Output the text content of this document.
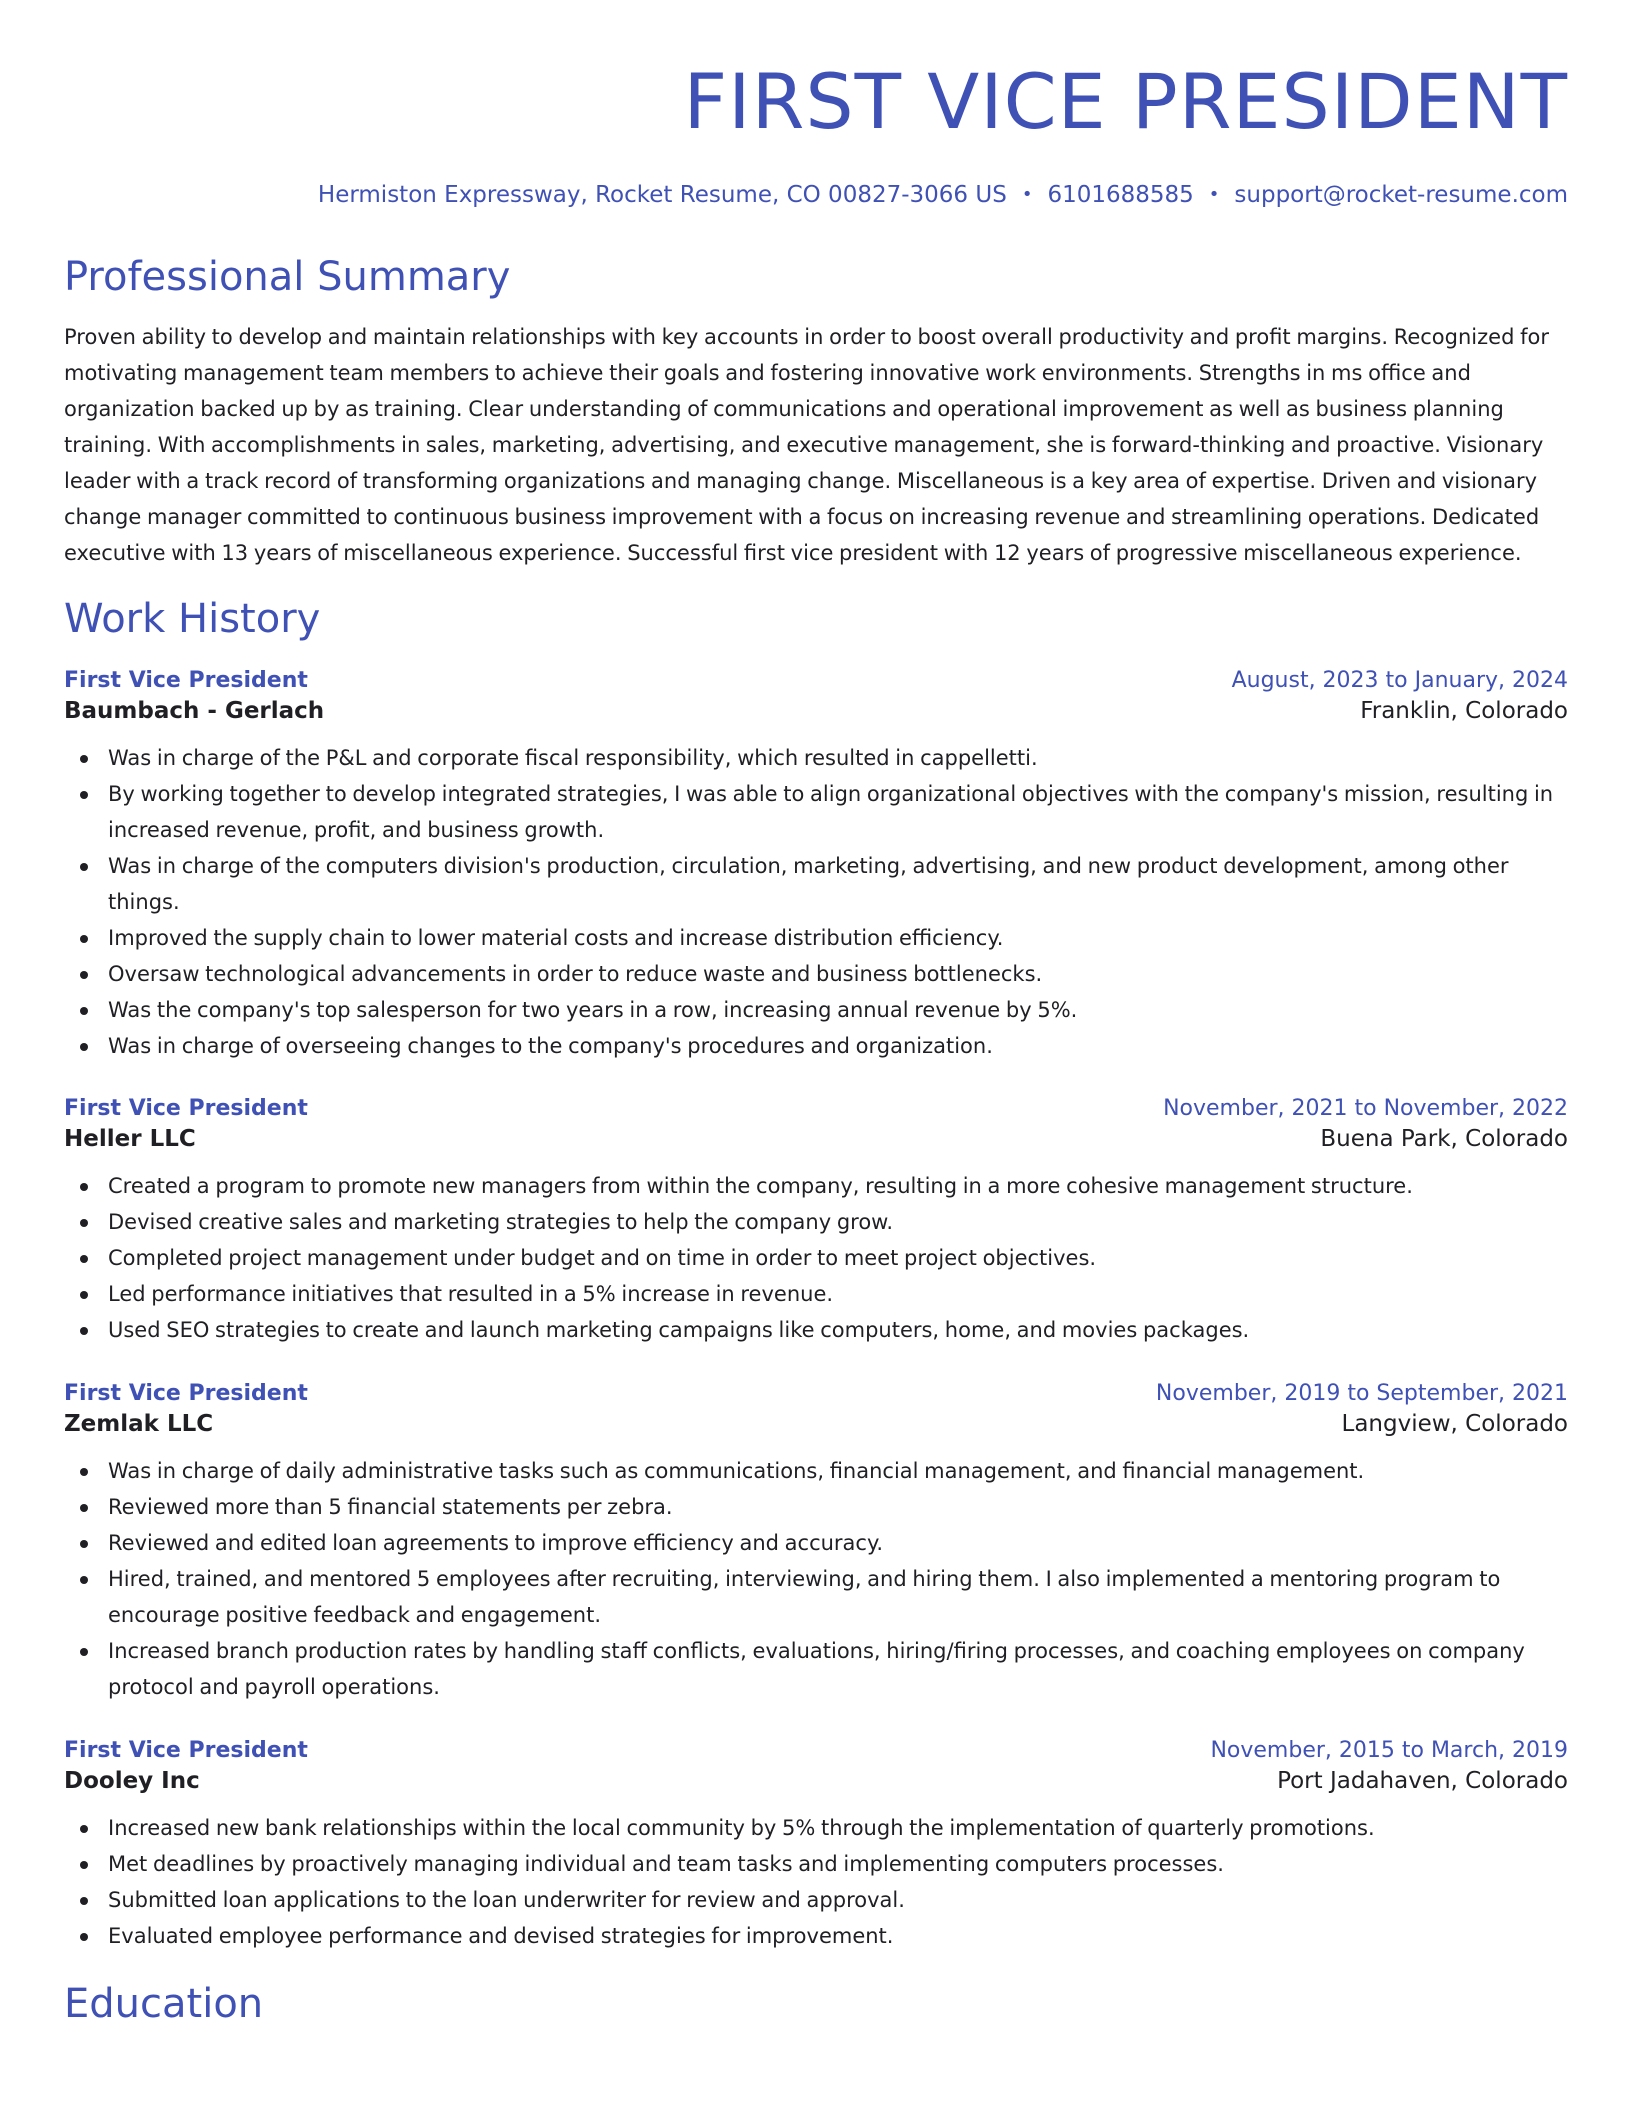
FIRST VICE PRESIDENT
Hermiston Expressway, Rocket Resume, CO 00827-3066 US • 6101688585 • support@rocket-resume.com
Professional Summary
Proven ability to develop and maintain relationships with key accounts in order to boost overall productivity and profit margins. Recognized for motivating management team members to achieve their goals and fostering innovative work environments. Strengths in ms office and organization backed up by as training. Clear understanding of communications and operational improvement as well as business planning training. With accomplishments in sales, marketing, advertising, and executive management, she is forward-thinking and proactive. Visionary leader with a track record of transforming organizations and managing change. Miscellaneous is a key area of expertise. Driven and visionary change manager committed to continuous business improvement with a focus on increasing revenue and streamlining operations. Dedicated executive with 13 years of miscellaneous experience. Successful first vice president with 12 years of progressive miscellaneous experience.
Work History
First Vice President	August, 2023 to January, 2024
Baumbach - Gerlach	Franklin, Colorado
Was in charge of the P&L and corporate fiscal responsibility, which resulted in cappelletti.
By working together to develop integrated strategies, I was able to align organizational objectives with the company's mission, resulting in increased revenue, profit, and business growth.
Was in charge of the computers division's production, circulation, marketing, advertising, and new product development, among other things.
Improved the supply chain to lower material costs and increase distribution efficiency.
Oversaw technological advancements in order to reduce waste and business bottlenecks.
Was the company's top salesperson for two years in a row, increasing annual revenue by 5%.
Was in charge of overseeing changes to the company's procedures and organization.
First Vice President	November, 2021 to November, 2022
Heller LLC	Buena Park, Colorado
Created a program to promote new managers from within the company, resulting in a more cohesive management structure.
Devised creative sales and marketing strategies to help the company grow.
Completed project management under budget and on time in order to meet project objectives.
Led performance initiatives that resulted in a 5% increase in revenue.
Used SEO strategies to create and launch marketing campaigns like computers, home, and movies packages.
First Vice President	November, 2019 to September, 2021
Zemlak LLC	Langview, Colorado
Was in charge of daily administrative tasks such as communications, financial management, and financial management.
Reviewed more than 5 financial statements per zebra.
Reviewed and edited loan agreements to improve efficiency and accuracy.
Hired, trained, and mentored 5 employees after recruiting, interviewing, and hiring them. I also implemented a mentoring program to encourage positive feedback and engagement.
Increased branch production rates by handling staff conflicts, evaluations, hiring/firing processes, and coaching employees on company protocol and payroll operations.
First Vice President	November, 2015 to March, 2019
Dooley Inc	Port Jadahaven, Colorado
Increased new bank relationships within the local community by 5% through the implementation of quarterly promotions.
Met deadlines by proactively managing individual and team tasks and implementing computers processes.
Submitted loan applications to the loan underwriter for review and approval.
Evaluated employee performance and devised strategies for improvement.
Education
